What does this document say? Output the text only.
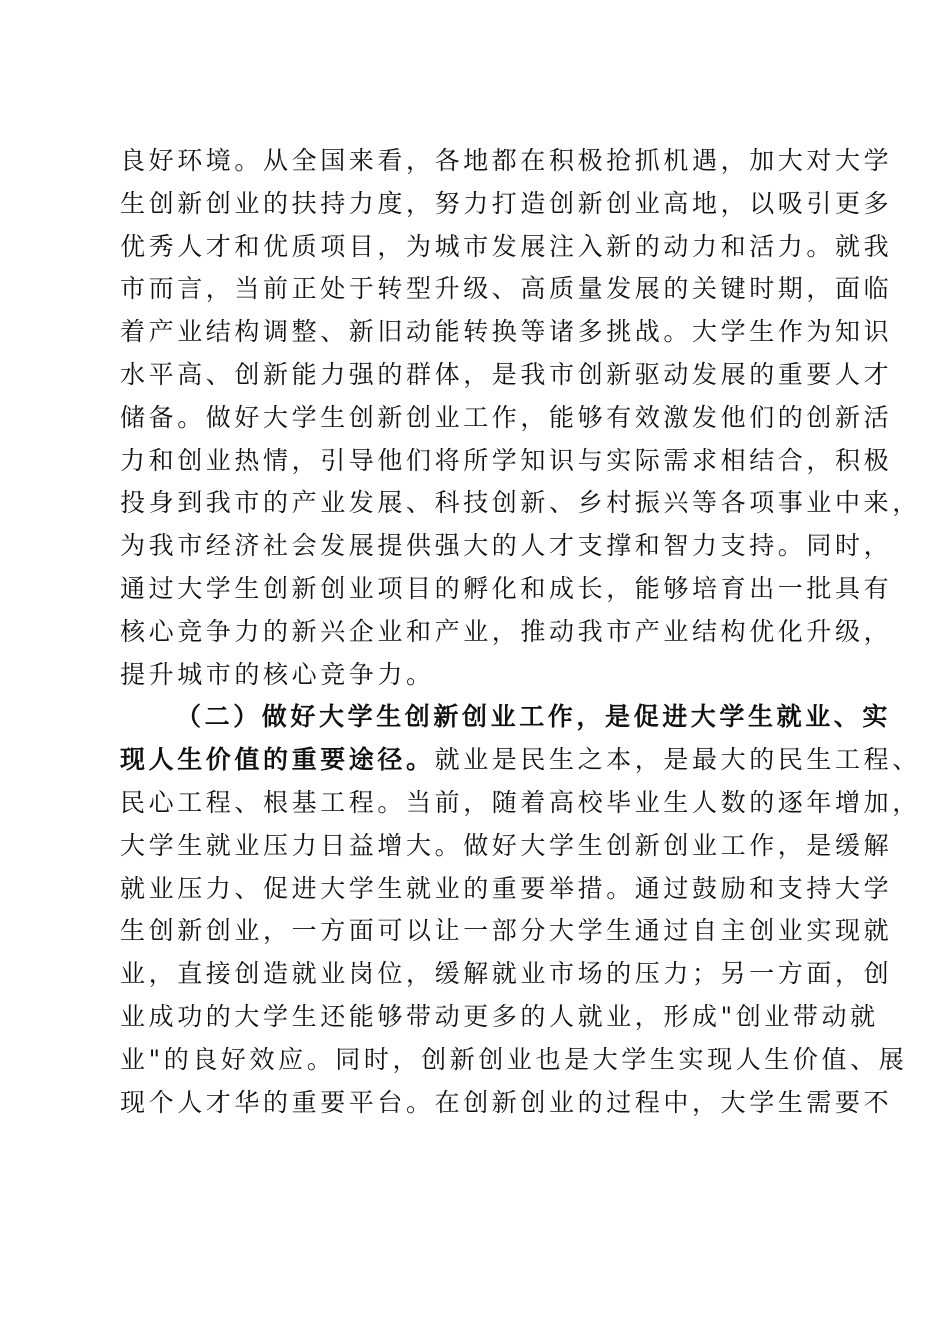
良好环境。从全国来看，各地都在积极抢抓机遇，加大对大学
生创新创业的扶持力度，努力打造创新创业高地，以吸引更多
优秀人才和优质项目，为城市发展注入新的动力和活力。就我
市而言，当前正处于转型升级、高质量发展的关键时期，面临
着产业结构调整、新旧动能转换等诸多挑战。大学生作为知识
水平高、创新能力强的群体，是我市创新驱动发展的重要人才
储备。做好大学生创新创业工作，能够有效激发他们的创新活
力和创业热情，引导他们将所学知识与实际需求相结合，积极
投身到我市的产业发展、科技创新、乡村振兴等各项事业中来，
为我市经济社会发展提供强大的人才支撑和智力支持。同时，
通过大学生创新创业项目的孵化和成长，能够培育出一批具有
核心竞争力的新兴企业和产业，推动我市产业结构优化升级，
提升城市的核心竞争力。
（二）做好大学生创新创业工作，是促进大学生就业、实
现人生价值的重要途径。就业是民生之本，是最大的民生工程、
民心工程、根基工程。当前，随着高校毕业生人数的逐年增加，
大学生就业压力日益增大。做好大学生创新创业工作，是缓解
就业压力、促进大学生就业的重要举措。通过鼓励和支持大学
生创新创业，一方面可以让一部分大学生通过自主创业实现就
业，直接创造就业岗位，缓解就业市场的压力；另一方面，创
业成功的大学生还能够带动更多的人就业，形成"创业带动就
业"的良好效应。同时，创新创业也是大学生实现人生价值、展
现个人才华的重要平台。在创新创业的过程中，大学生需要不
